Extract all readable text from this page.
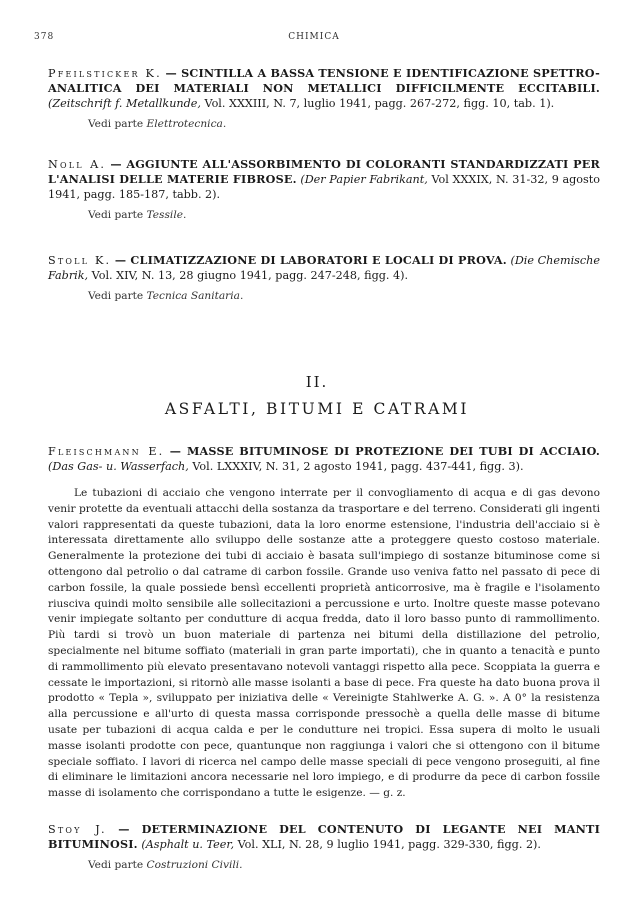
378	CHIMICA
Pfeilsticker K. — SCINTILLA A BASSA TENSIONE E IDENTIFICAZIONE SPETTRO-ANALITICA DEI MATERIALI NON METALLICI DIFFICILMENTE ECCITABILI. (Zeitschrift f. Metallkunde, Vol. XXXIII, N. 7, luglio 1941, pagg. 267-272, figg. 10, tab. 1).
Vedi parte Elettrotecnica.
Noll A. — AGGIUNTE ALL'ASSORBIMENTO DI COLORANTI STANDARDIZZATI PER L'ANALISI DELLE MATERIE FIBROSE. (Der Papier Fabrikant, Vol XXXIX, N. 31-32, 9 agosto 1941, pagg. 185-187, tabb. 2).
Vedi parte Tessile.
Stoll K. — CLIMATIZZAZIONE DI LABORATORI E LOCALI DI PROVA. (Die Chemische Fabrik, Vol. XIV, N. 13, 28 giugno 1941, pagg. 247-248, figg. 4).
Vedi parte Tecnica Sanitaria.
II.
ASFALTI, BITUMI E CATRAMI
Fleischmann E. — MASSE BITUMINOSE DI PROTEZIONE DEI TUBI DI ACCIAIO. (Das Gas- u. Wasserfach, Vol. LXXXIV, N. 31, 2 agosto 1941, pagg. 437-441, figg. 3).

Le tubazioni di acciaio che vengono interrate per il convogliamento di acqua e di gas devono venir protette da eventuali attacchi della sostanza da trasportare e del terreno. Considerati gli ingenti valori rappresentati da queste tubazioni, data la loro enorme estensione, l'industria dell'acciaio si è interessata direttamente allo sviluppo delle sostanze atte a proteggere questo costoso materiale. Generalmente la protezione dei tubi di acciaio è basata sull'impiego di sostanze bituminose come si ottengono dal petrolio o dal catrame di carbon fossile. Grande uso veniva fatto nel passato di pece di carbon fossile, la quale possiede bensì eccellenti proprietà anticorrosive, ma è fragile e l'isolamento riusciva quindi molto sensibile alle sollecitazioni a percussione e urto. Inoltre queste masse potevano venir impiegate soltanto per condutture di acqua fredda, dato il loro basso punto di rammollimento. Più tardi si trovò un buon materiale di partenza nei bitumi della distillazione del petrolio, specialmente nel bitume soffiato (materiali in gran parte importati), che in quanto a tenacità e punto di rammollimento più elevato presentavano notevoli vantaggi rispetto alla pece. Scoppiata la guerra e cessate le importazioni, si ritornò alle masse isolanti a base di pece. Fra queste ha dato buona prova il prodotto « Tepla », sviluppato per iniziativa delle « Vereinigte Stahlwerke A. G. ». A 0° la resistenza alla percussione e all'urto di questa massa corrisponde pressochè a quella delle masse di bitume usate per tubazioni di acqua calda e per le condutture nei tropici. Essa supera di molto le usuali masse isolanti prodotte con pece, quantunque non raggiunga i valori che si ottengono con il bitume speciale soffiato. I lavori di ricerca nel campo delle masse speciali di pece vengono proseguiti, al fine di eliminare le limitazioni ancora necessarie nel loro impiego, e di produrre da pece di carbon fossile masse di isolamento che corrispondano a tutte le esigenze. — g. z.

Stoy J. — DETERMINAZIONE DEL CONTENUTO DI LEGANTE NEI MANTI BITUMINOSI. (Asphalt u. Teer, Vol. XLI, N. 28, 9 luglio 1941, pagg. 329-330, figg. 2).
Vedi parte Costruzioni Civili.
